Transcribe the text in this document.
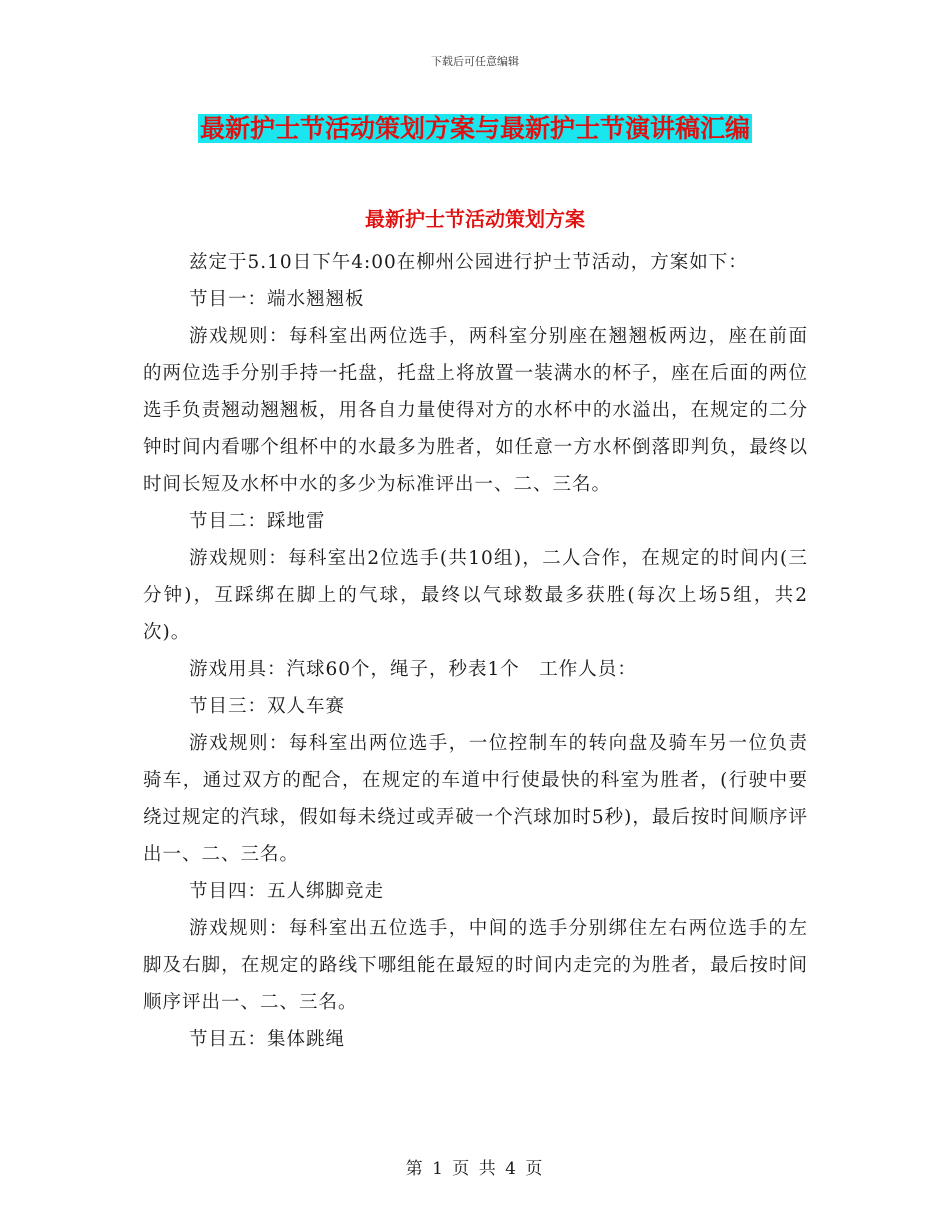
下载后可任意编辑
最新护士节活动策划方案与最新护士节演讲稿汇编
最新护士节活动策划方案

兹定于5.10日下午4:00在柳州公园进行护士节活动，方案如下：

节目一：端水翘翘板

游戏规则：每科室出两位选手，两科室分别座在翘翘板两边，座在前面的两位选手分别手持一托盘，托盘上将放置一装满水的杯子，座在后面的两位选手负责翘动翘翘板，用各自力量使得对方的水杯中的水溢出，在规定的二分钟时间内看哪个组杯中的水最多为胜者，如任意一方水杯倒落即判负，最终以时间长短及水杯中水的多少为标准评出一、二、三名。

节目二：踩地雷

游戏规则：每科室出2位选手(共10组)，二人合作，在规定的时间内(三分钟)，互踩绑在脚上的气球，最终以气球数最多获胜(每次上场5组，共2次)。

游戏用具：汽球60个，绳子，秒表1个　工作人员：

节目三：双人车赛

游戏规则：每科室出两位选手，一位控制车的转向盘及骑车另一位负责骑车，通过双方的配合，在规定的车道中行使最快的科室为胜者，(行驶中要绕过规定的汽球，假如每未绕过或弄破一个汽球加时5秒)，最后按时间顺序评出一、二、三名。

节目四：五人绑脚竞走

游戏规则：每科室出五位选手，中间的选手分别绑住左右两位选手的左脚及右脚，在规定的路线下哪组能在最短的时间内走完的为胜者，最后按时间顺序评出一、二、三名。

节目五：集体跳绳

第 1 页 共 4 页
